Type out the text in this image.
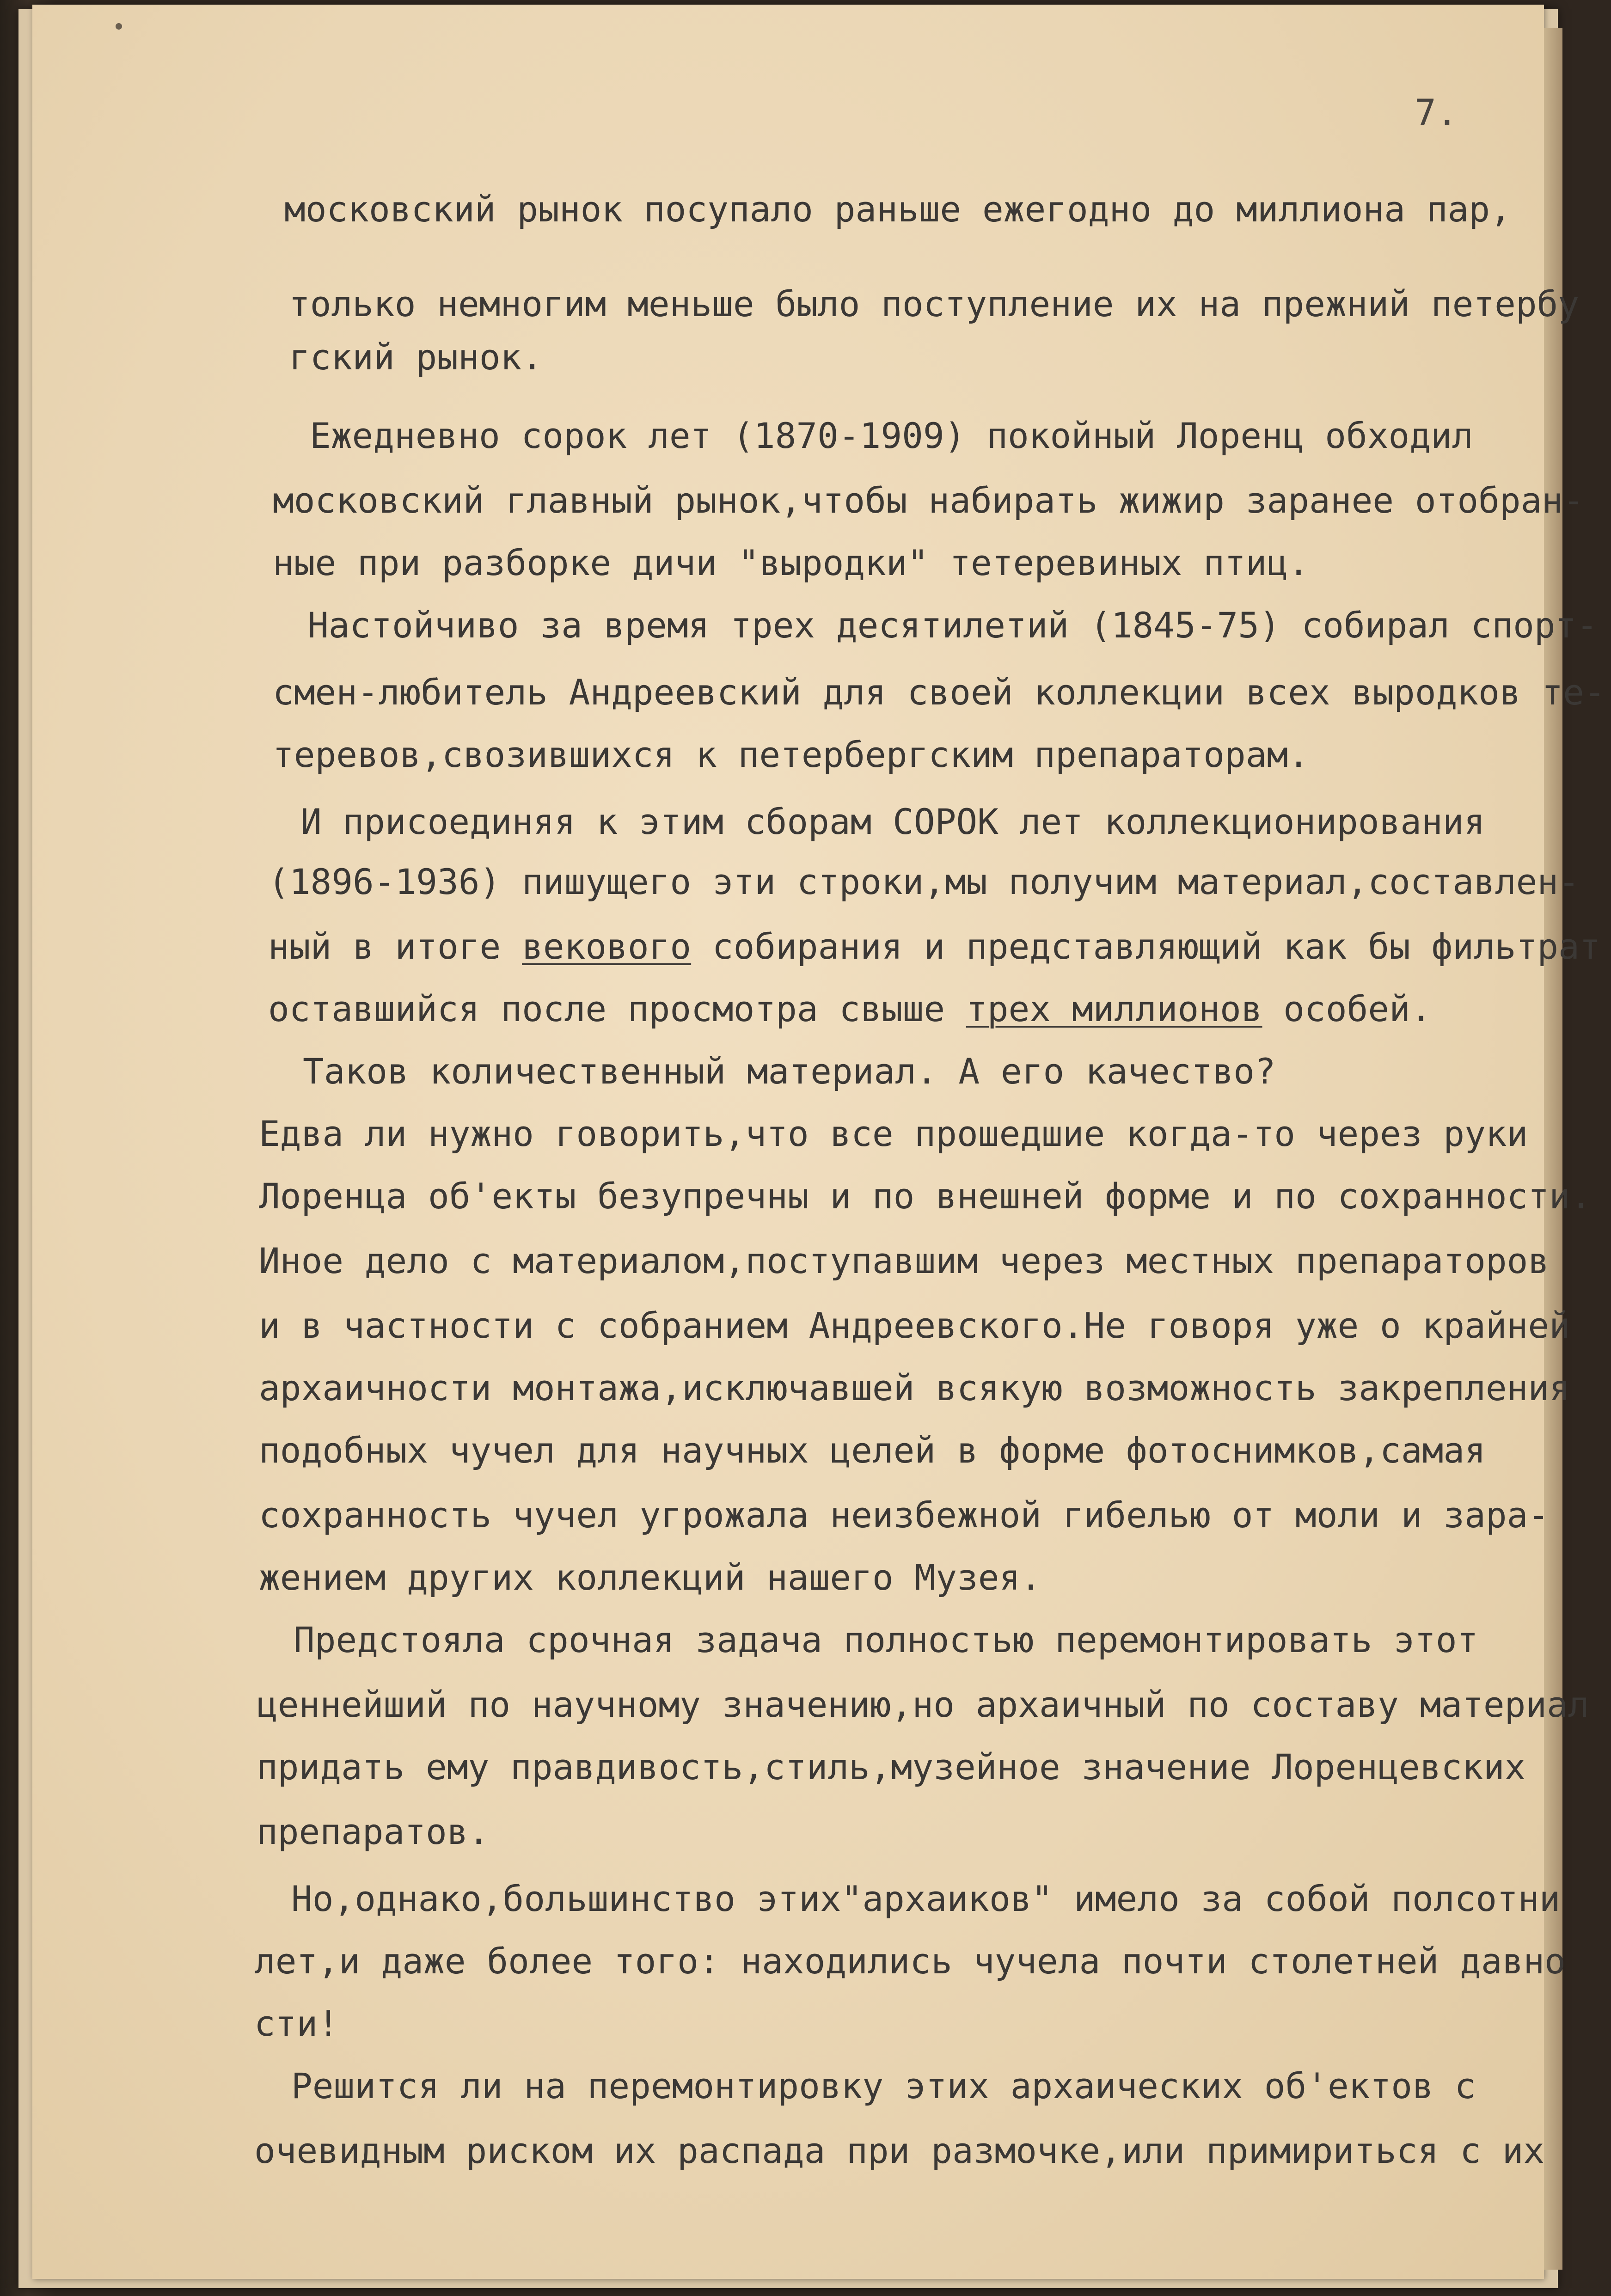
7.
московский рынок посупало раньше ежегодно до миллиона пар,
только немногим меньше было поступление их на прежний петербу
гский рынок.
Ежедневно сорок лет (1870-1909) покойный Лоренц обходил
московский главный рынок,чтобы набирать жижир заранее отобран-
ные при разборке дичи "выродки" тетеревиных птиц.
Настойчиво за время трех десятилетий (1845-75) собирал спорт-
смен-любитель Андреевский для своей коллекции всех выродков те-
теревов,свозившихся к петербергским препараторам.
И присоединяя к этим сборам СОРОК лет коллекционирования
(1896-1936) пишущего эти строки,мы получим материал,составлен-
ный в итоге векового собирания и представляющий как бы фильтрат
оставшийся после просмотра свыше трех миллионов особей.
Таков количественный материал. А его качество?
Едва ли нужно говорить,что все прошедшие когда-то через руки
Лоренца об'екты безупречны и по внешней форме и по сохранности.
Иное дело с материалом,поступавшим через местных препараторов
и в частности с собранием Андреевского.Не говоря уже о крайней
архаичности монтажа,исключавшей всякую возможность закрепления
подобных чучел для научных целей в форме фотоснимков,самая
сохранность чучел угрожала неизбежной гибелью от моли и зара-
жением других коллекций нашего Музея.
Предстояла срочная задача полностью перемонтировать этот
ценнейший по научному значению,но архаичный по составу материал
придать ему правдивость,стиль,музейное значение Лоренцевских
препаратов.
Но,однако,большинство этих"архаиков" имело за собой полсотни
лет,и даже более того: находились чучела почти столетней давно
сти!
Решится ли на перемонтировку этих архаических об'ектов с
очевидным риском их распада при размочке,или примириться с их
